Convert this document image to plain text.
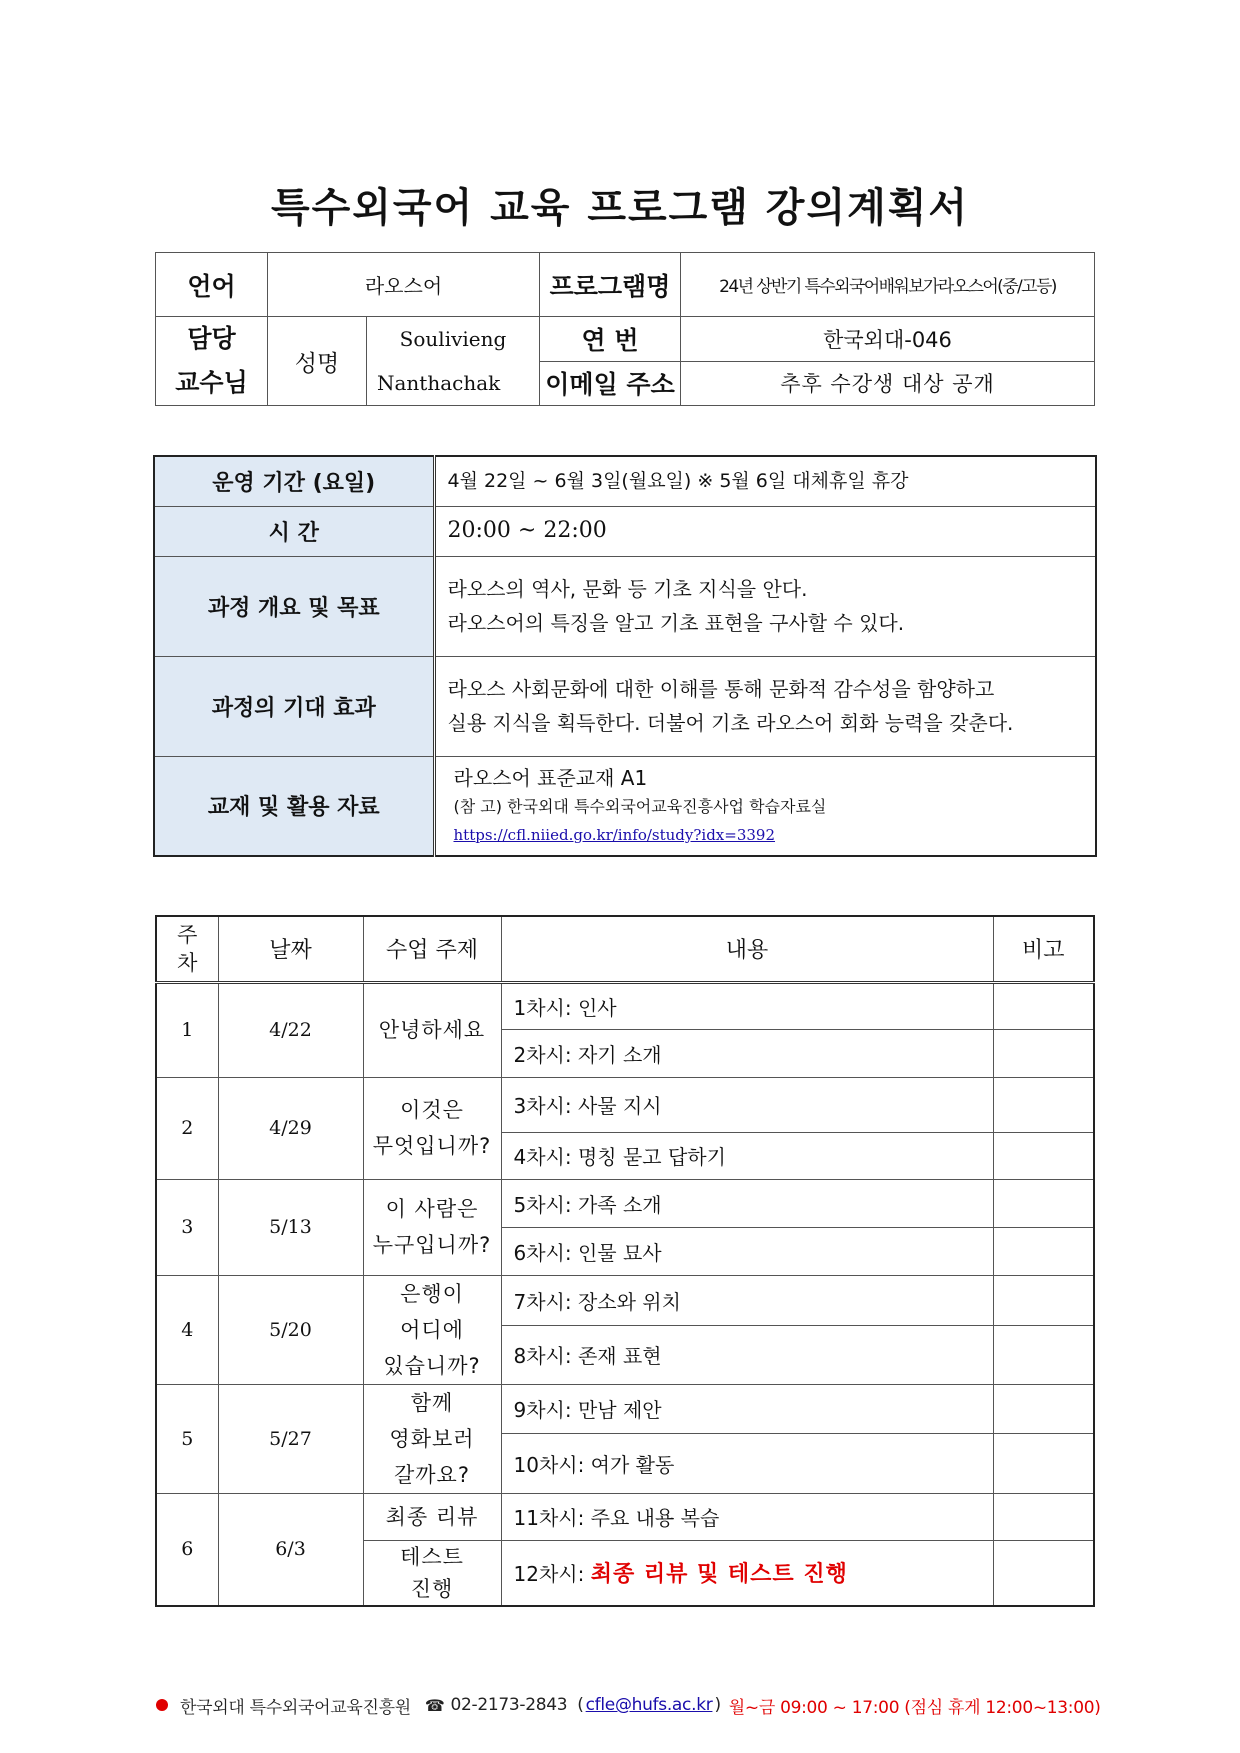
특수외국어 교육 프로그램 강의계획서
언어	라오스어		프로그램명	24년 상반기 특수외국어배워보가라오스어(중/고등)

담당
교수님	성명	Soulivieng	연 번	한국외대-046
		Nanthachak	이메일 주소	추후 수강생 대상 공개
운영 기간 (요일)	4월 22일 ~ 6월 3일(월요일) ※ 5월 6일 대체휴일 휴강
시 간	20:00 ~ 22:00
과정 개요 및 목표	라오스의 역사, 문화 등 기초 지식을 안다.
라오스어의 특징을 알고 기초 표현을 구사할 수 있다.

과정의 기대 효과	라오스 사회문화에 대한 이해를 통해 문화적 감수성을 함양하고
실용 지식을 획득한다. 더불어 기초 라오스어 회화 능력을 갖춘다.

교재 및 활용 자료	라오스어 표준교재 A1
(참 고) 한국외대 특수외국어교육진흥사업 학습자료실
https://cfl.niied.go.kr/info/study?idx=3392
주
차	날짜	수업 주제	내용	비고
1	4/22	안녕하세요	1차시: 인사	
			2차시: 자기 소개	
2	4/29	이것은
무엇입니까?	3차시: 사물 지시	
			4차시: 명칭 묻고 답하기	
3	5/13	이 사람은
누구입니까?	5차시: 가족 소개	
			6차시: 인물 묘사	
4	5/20	은행이
어디에
있습니까?	7차시: 장소와 위치	
			8차시: 존재 표현	
5	5/27	함께
영화보러
갈까요?	9차시: 만남 제안	
			10차시: 여가 활동	
6	6/3	최종 리뷰	11차시: 주요 내용 복습	

		테스트
진행	12차시: 최종 리뷰 및 테스트 진행	
한국외대 특수외국어교육진흥원 ☎ 02-2173-2843 ( cfle@hufs.ac.kr ) 월~금 09:00 ~ 17:00 (점심 휴게 12:00~13:00)
